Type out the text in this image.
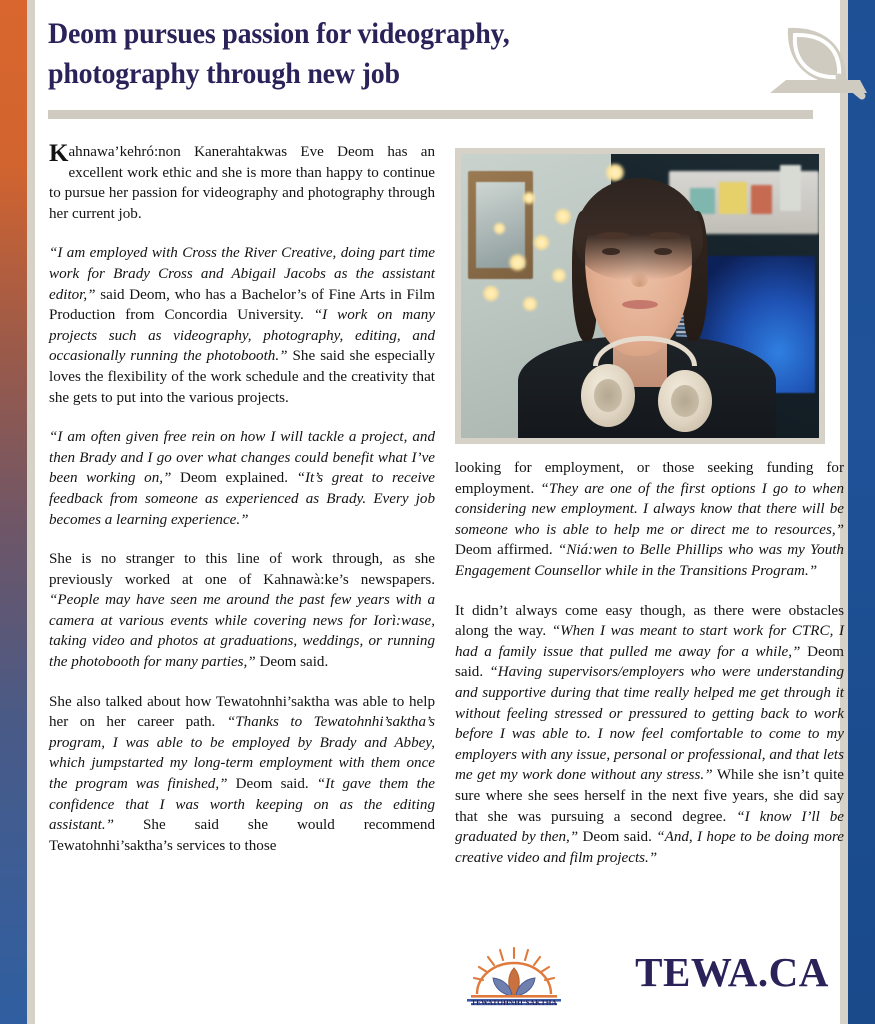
Deom pursues passion for videography,
photography through new job

Kahnawa’kehró:non Kanerahtakwas Eve Deom has an excellent work ethic and she is more than happy to continue to pursue her passion for videography and photography through her current job.

“I am employed with Cross the River Creative, doing part time work for Brady Cross and Abigail Jacobs as the assistant editor,” said Deom, who has a Bachelor’s of Fine Arts in Film Production from Concordia University. “I work on many projects such as videography, photography, editing, and occasionally running the photobooth.” She said she especially loves the flexibility of the work schedule and the creativity that she gets to put into the various projects.

“I am often given free rein on how I will tackle a project, and then Brady and I go over what changes could benefit what I’ve been working on,” Deom explained. “It’s great to receive feedback from someone as experienced as Brady. Every job becomes a learning experience.”

She is no stranger to this line of work through, as she previously worked at one of Kahnawà:ke’s newspapers. “People may have seen me around the past few years with a camera at various events while covering news for Iorì:wase, taking video and photos at graduations, weddings, or running the photobooth for many parties,” Deom said.

She also talked about how Tewatohnhi’saktha was able to help her on her career path. “Thanks to Tewatohnhi’saktha’s program, I was able to be employed by Brady and Abbey, which jumpstarted my long-term employment with them once the program was finished,” Deom said. “It gave them the confidence that I was worth keeping on as the editing assistant.” She said she would recommend Tewatohnhi’saktha’s services to those

looking for employment, or those seeking funding for employment. “They are one of the first options I go to when considering new employment. I always know that there will be someone who is able to help me or direct me to resources,” Deom affirmed. “Niá:wen to Belle Phillips who was my Youth Engagement Counsellor while in the Transitions Program.”

It didn’t always come easy though, as there were obstacles along the way. “When I was meant to start work for CTRC, I had a family issue that pulled me away for a while,” Deom said. “Having supervisors/employers who were understanding and supportive during that time really helped me get through it without feeling stressed or pressured to getting back to work before I was able to. I now feel comfortable to come to my employers with any issue, personal or professional, and that lets me get my work done without any stress.” While she isn’t quite sure where she sees herself in the next five years, she did say that she was pursuing a second degree. “I know I’ll be graduated by then,” Deom said. “And, I hope to be doing more creative video and film projects.”

TEWATOHNHI’SAKTHA
TEWA.CA
